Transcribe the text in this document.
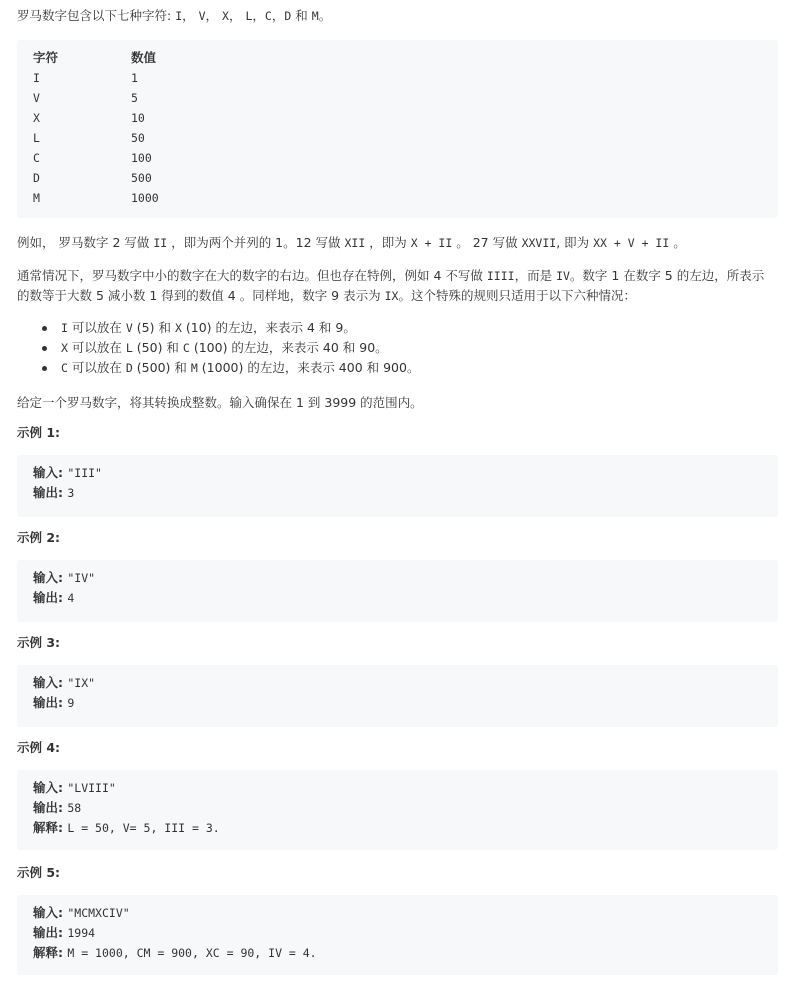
罗马数字包含以下七种字符: I， V， X， L，C，D 和 M。
字符	数值
I	1
V	5
X	10
L	50
C	100
D	500
M	1000
例如， 罗马数字 2 写做 II ，即为两个并列的 1。12 写做 XII ，即为 X + II 。 27 写做 XXVII, 即为 XX + V + II 。
通常情况下，罗马数字中小的数字在大的数字的右边。但也存在特例，例如 4 不写做 IIII，而是 IV。数字 1 在数字 5 的左边，所表示的数等于大数 5 减小数 1 得到的数值 4 。同样地，数字 9 表示为 IX。这个特殊的规则只适用于以下六种情况：
I 可以放在 V (5) 和 X (10) 的左边，来表示 4 和 9。
X 可以放在 L (50) 和 C (100) 的左边，来表示 40 和 90。
C 可以放在 D (500) 和 M (1000) 的左边，来表示 400 和 900。
给定一个罗马数字，将其转换成整数。输入确保在 1 到 3999 的范围内。
示例 1:
输入: "III"
输出: 3
示例 2:
输入: "IV"
输出: 4
示例 3:
输入: "IX"
输出: 9
示例 4:
输入: "LVIII"
输出: 58
解释: L = 50, V= 5, III = 3.
示例 5:
输入: "MCMXCIV"
输出: 1994
解释: M = 1000, CM = 900, XC = 90, IV = 4.
